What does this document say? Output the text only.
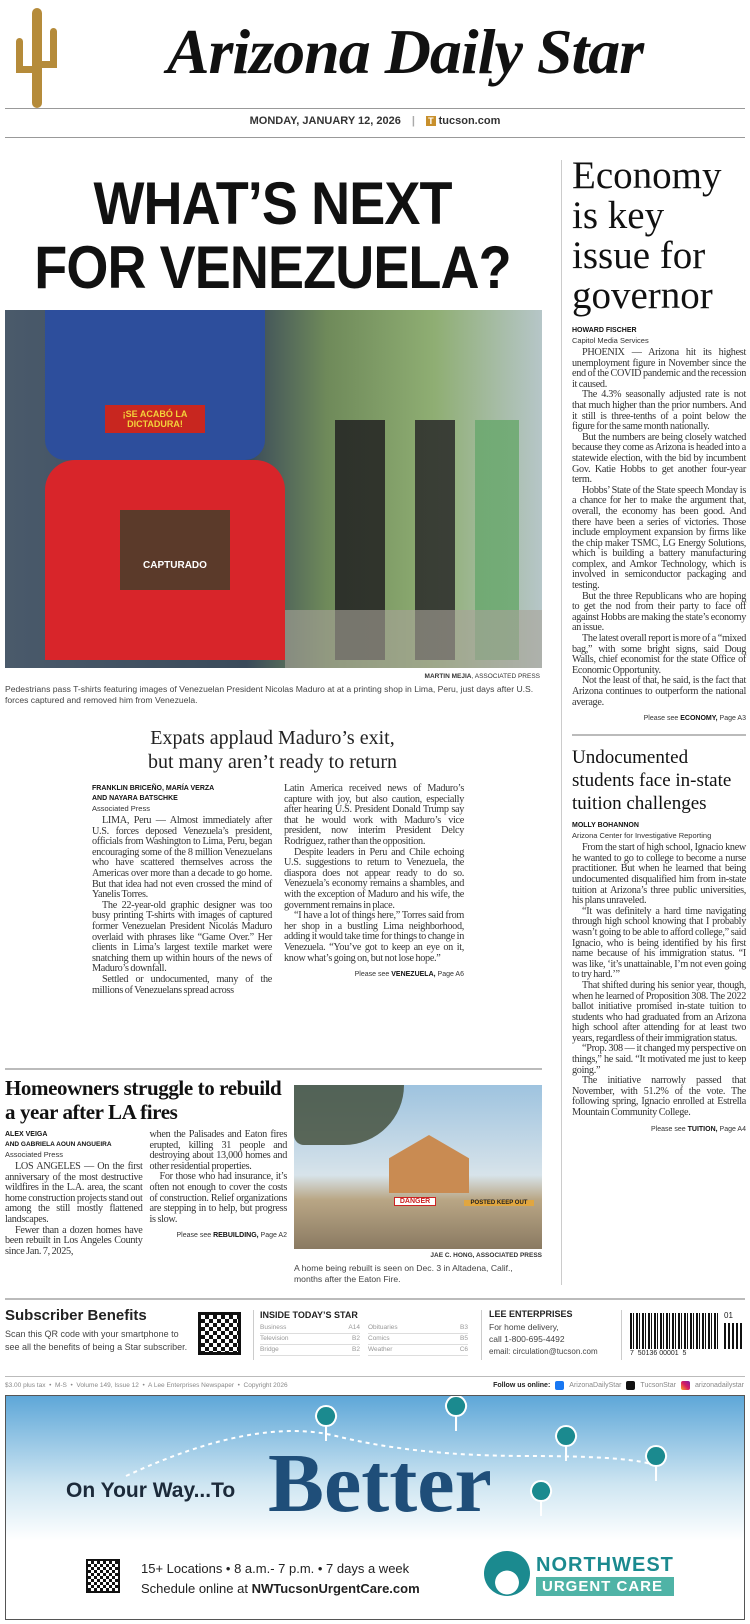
Arizona Daily Star
MONDAY, JANUARY 12, 2026 | T tucson.com
WHAT’S NEXT
FOR VENEZUELA?
¡SE ACABÓ LA DICTADURA!
CAPTURADO
MARTIN MEJIA, ASSOCIATED PRESS
Pedestrians pass T-shirts featuring images of Venezuelan President Nicolas Maduro at at a printing shop in Lima, Peru, just days after U.S. forces captured and removed him from Venezuela.
Expats applaud Maduro’s exit,
but many aren’t ready to return
FRANKLIN BRICEÑO, MARÍA VERZA
AND NAYARA BATSCHKE
Associated Press

LIMA, Peru — Almost immediately after U.S. forces deposed Venezuela’s president, officials from Washington to Lima, Peru, began encouraging some of the 8 million Venezuelans who have scattered themselves across the Americas over more than a decade to go home. But that idea had not even crossed the mind of Yanelis Torres.

The 22-year-old graphic designer was too busy printing T-shirts with images of captured former Venezuelan President Nicolás Maduro overlaid with phrases like “Game Over.” Her clients in Lima’s largest textile market were snatching them up within hours of the news of Maduro’s downfall.

Settled or undocumented, many of the millions of Venezuelans spread across

Latin America received news of Maduro’s capture with joy, but also caution, especially after hearing U.S. President Donald Trump say that he would work with Maduro’s vice president, now interim President Delcy Rodríguez, rather than the opposition.

Despite leaders in Peru and Chile echoing U.S. suggestions to return to Venezuela, the diaspora does not appear ready to do so. Venezuela’s economy remains a shambles, and with the exception of Maduro and his wife, the government remains in place.

“I have a lot of things here,” Torres said from her shop in a bustling Lima neighborhood, adding it would take time for things to change in Venezuela. “You’ve got to keep an eye on it, know what’s going on, but not lose hope.”

Please see VENEZUELA, Page A6
Economy is key issue for governor
HOWARD FISCHER
Capitol Media Services

PHOENIX — Arizona hit its highest unemployment figure in November since the end of the COVID pandemic and the recession it caused.

The 4.3% seasonally adjusted rate is not that much higher than the prior numbers. And it still is three-tenths of a point below the figure for the same month nationally.

But the numbers are being closely watched because they come as Arizona is headed into a statewide election, with the bid by incumbent Gov. Katie Hobbs to get another four-year term.

Hobbs’ State of the State speech Monday is a chance for her to make the argument that, overall, the economy has been good. And there have been a series of victories. Those include employment expansion by firms like the chip maker TSMC, LG Energy Solutions, which is building a battery manufacturing complex, and Amkor Technology, which is involved in semiconductor packaging and testing.

But the three Republicans who are hoping to get the nod from their party to face off against Hobbs are making the state’s economy an issue.

The latest overall report is more of a “mixed bag,” with some bright signs, said Doug Walls, chief economist for the state Office of Economic Opportunity.

Not the least of that, he said, is the fact that Arizona continues to outperform the national average.

Please see ECONOMY, Page A3
Undocumented students face in-state tuition challenges
MOLLY BOHANNON
Arizona Center for Investigative Reporting

From the start of high school, Ignacio knew he wanted to go to college to become a nurse practitioner. But when he learned that being undocumented disqualified him from in-state tuition at Arizona’s three public universities, his plans unraveled.

“It was definitely a hard time navigating through high school knowing that I probably wasn’t going to be able to afford college,” said Ignacio, who is being identified by his first name because of his immigration status. “I was like, ‘it’s unattainable, I’m not even going to try hard.’”

That shifted during his senior year, though, when he learned of Proposition 308. The 2022 ballot initiative promised in-state tuition to students who had graduated from an Arizona high school after attending for at least two years, regardless of their immigration status.

“Prop. 308 — it changed my perspective on things,” he said. “It motivated me just to keep going.”

The initiative narrowly passed that November, with 51.2% of the vote. The following spring, Ignacio enrolled at Estrella Mountain Community College.

Please see TUITION, Page A4
Homeowners struggle to rebuild a year after LA fires
ALEX VEIGA
AND GABRIELA AOUN ANGUEIRA
Associated Press

LOS ANGELES — On the first anniversary of the most destructive wildfires in the L.A. area, the scant home construction projects stand out among the still mostly flattened landscapes.

Fewer than a dozen homes have been rebuilt in Los Angeles County since Jan. 7, 2025,

when the Palisades and Eaton fires erupted, killing 31 people and destroying about 13,000 homes and other residential properties.

For those who had insurance, it’s often not enough to cover the costs of construction. Relief organizations are stepping in to help, but progress is slow.

Please see REBUILDING, Page A2
DANGER	POSTED KEEP OUT
JAE C. HONG, ASSOCIATED PRESS
A home being rebuilt is seen on Dec. 3 in Altadena, Calif., months after the Eaton Fire.
Subscriber Benefits
Scan this QR code with your smartphone to see all the benefits of being a Star subscriber.
INSIDE TODAY’S STAR
Business	A14 Obituaries	B3
Television	B2 Comics	B5
Bridge	B2 Weather	C6
LEE ENTERPRISES
For home delivery,
call 1-800-695-4492
email: circulation@tucson.com
01
7  50136 00001  5
$3.00 plus tax  •  M-S  •  Volume 149, Issue 12  •  A Lee Enterprises Newspaper  •  Copyright 2026	Follow us online:	ArizonaDailyStar	TucsonStar	arizonadailystar
On Your Way...To Better
15+ Locations • 8 a.m.- 7 p.m. • 7 days a week
Schedule online at NWTucsonUrgentCare.com
NORTHWEST
URGENT CARE
